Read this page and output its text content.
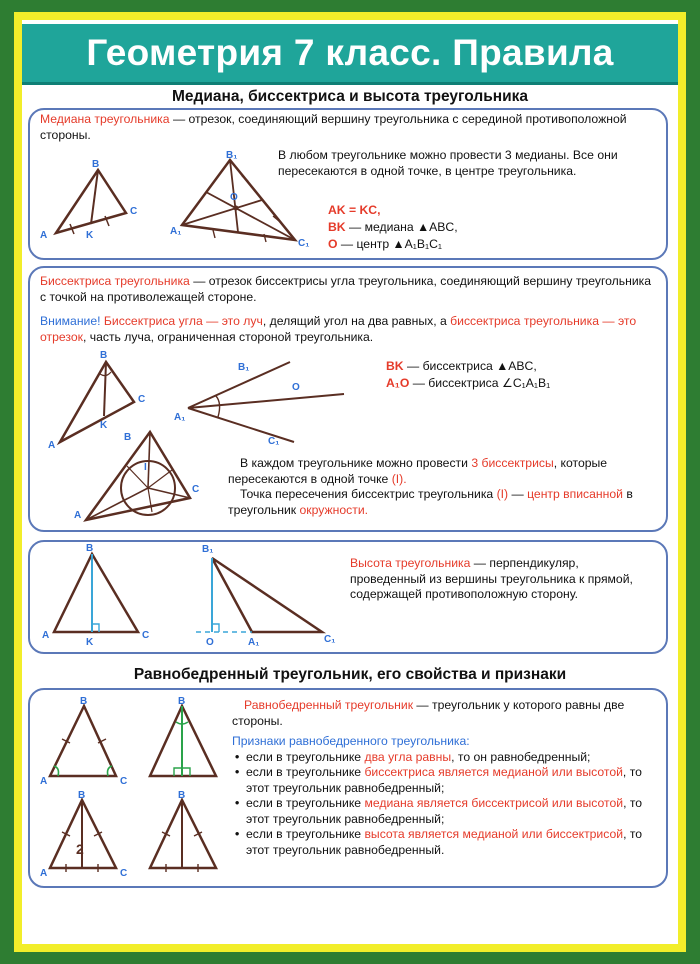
Геометрия 7 класс. Правила
Медиана, биссектриса и высота треугольника
Медиана треугольника — отрезок, соединяющий вершину треугольника с серединой противоположной стороны.
A
B
C
K	A₁
B₁
C₁
O
В любом треугольнике можно провести 3 медианы. Все они пересекаются в одной точке, в центре треугольника.
AK = KC,
BK — медиана ▲ABC,
O — центр ▲A₁B₁C₁
Биссектриса треугольника — отрезок биссектрисы угла треугольника, соединяющий вершину треугольника с точкой на противолежащей стороне.
Внимание! Биссектриса угла — это луч, делящий угол на два равных, а биссектриса треугольника — это отрезок, часть луча, ограниченная стороной треугольника.
A
B
C
K
A₁
B₁
C₁
O
BK — биссектриса ▲ABC,
A₁O — биссектриса ∠C₁A₁B₁
A
B
C
I	В каждом треугольнике можно провести 3 биссектрисы, которые пересекаются в одной точке (I).
Точка пересечения биссектрис треугольника (I) — центр вписанной в треугольник окружности.
A
B
C
K
B₁
O	A₁	C₁
Высота треугольника — перпендикуляр, проведенный из вершины треугольника к прямой, содержащей противоположную сторону.
Равнобедренный треугольник, его свойства и признаки
A
B
C
B
2
A
B
C
B
Равнобедренный треугольник — треугольник у которого равны две стороны.
Признаки равнобедренного треугольника:
• если в треугольнике два угла равны, то он равнобедренный;
• если в треугольнике биссектриса является медианой или высотой, то этот треугольник равнобедренный;
• если в треугольнике медиана является биссектрисой или высотой, то этот треугольник равнобедренный;
• если в треугольнике высота является медианой или биссектрисой, то этот треугольник равнобедренный.
